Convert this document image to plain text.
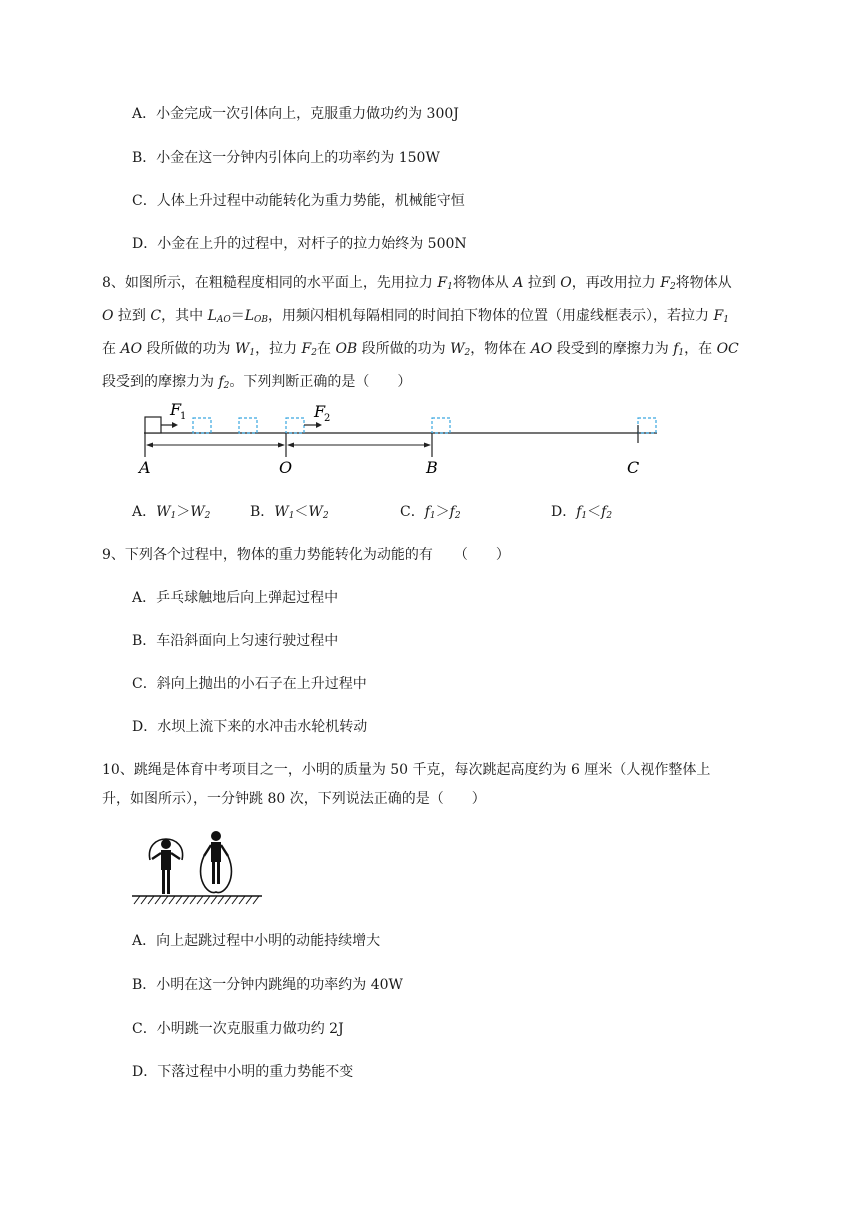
A．小金完成一次引体向上，克服重力做功约为 300J
B．小金在这一分钟内引体向上的功率约为 150W
C．人体上升过程中动能转化为重力势能，机械能守恒
D．小金在上升的过程中，对杆子的拉力始终为 500N
8、如图所示，在粗糙程度相同的水平面上，先用拉力 $F_1$将物体从 A 拉到 O，再改用拉力 $F_2$将物体从 O 拉到 C，其中 $L_{AO}=L_{OB}$，用频闪相机每隔相同的时间拍下物体的位置（用虚线框表示），若拉力 $F_1$在 AO 段所做的功为 $W_1$，拉力 $F_2$在 OB 段所做的功为 $W_2$，物体在 AO 段受到的摩擦力为 $f_1$，在 OC 段受到的摩擦力为 $f_2$。下列判断正确的是（　　）
F
1	F
2
A	O	B	C
A．$W_1>W_2$	B．$W_1<W_2$	C．$f_1>f_2$	D．$f_1<f_2$
9、下列各个过程中，物体的重力势能转化为动能的有　　（　　）
A．乒乓球触地后向上弹起过程中
B．车沿斜面向上匀速行驶过程中
C．斜向上抛出的小石子在上升过程中
D．水坝上流下来的水冲击水轮机转动
10、跳绳是体育中考项目之一，小明的质量为 50 千克，每次跳起高度约为 6 厘米（人视作整体上
升，如图所示），一分钟跳 80 次，下列说法正确的是（　　）
A．向上起跳过程中小明的动能持续增大
B．小明在这一分钟内跳绳的功率约为 40W
C．小明跳一次克服重力做功约 2J
D．下落过程中小明的重力势能不变
